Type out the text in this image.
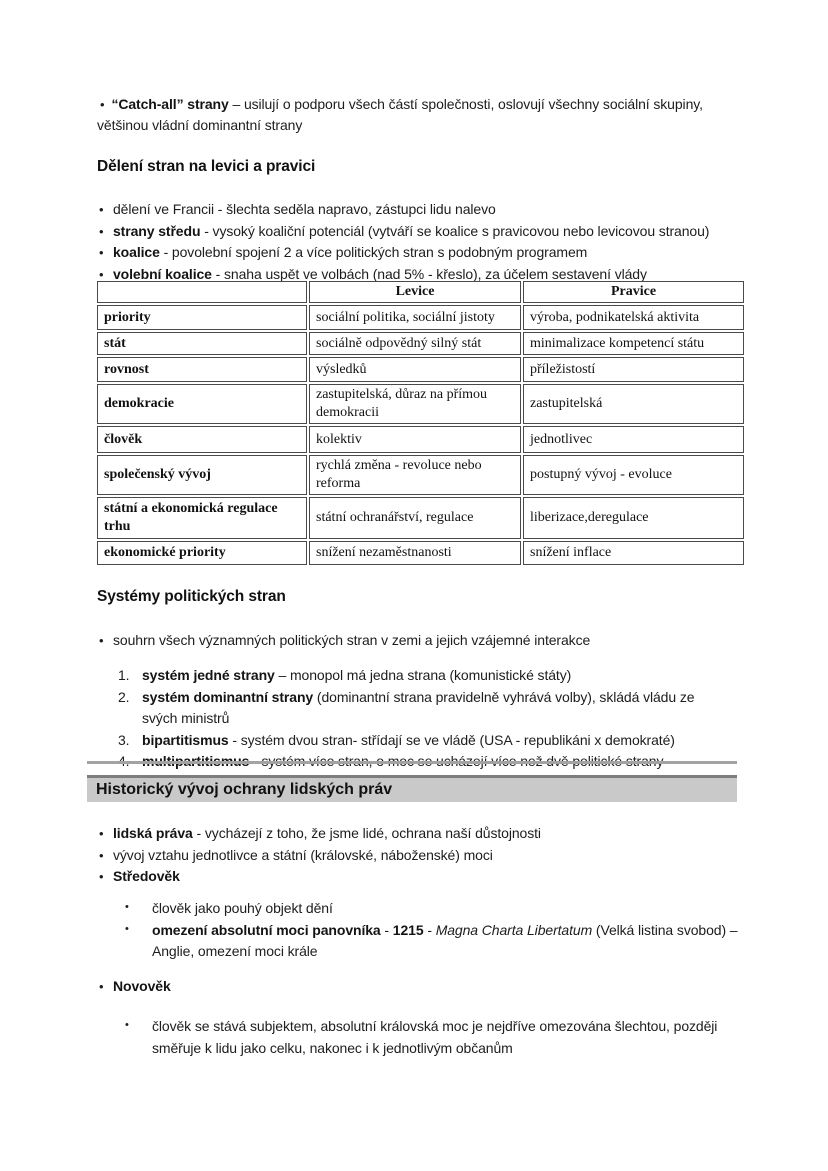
• “Catch-all” strany – usilují o podporu všech částí společnosti, oslovují všechny sociální skupiny, většinou vládní dominantní strany

Dělení stran na levici a pravici
• dělení ve Francii - šlechta seděla napravo, zástupci lidu nalevo
• strany středu - vysoký koaliční potenciál (vytváří se koalice s pravicovou nebo levicovou stranou)
• koalice - povolební spojení 2 a více politických stran s podobným programem
• volební koalice - snaha uspět ve volbách (nad 5% - křeslo), za účelem sestavení vlády
	Levice	Pravice
priority	sociální politika, sociální jistoty	výroba, podnikatelská aktivita
stát	sociálně odpovědný silný stát	minimalizace kompetencí státu
rovnost	výsledků	příležistostí
demokracie	zastupitelská, důraz na přímou demokracii	zastupitelská
člověk	kolektiv	jednotlivec
společenský vývoj	rychlá změna - revoluce nebo reforma	postupný vývoj - evoluce
státní a ekonomická regulace trhu	státní ochranářství, regulace	liberizace,deregulace
ekonomické priority	snížení nezaměstnanosti	snížení inflace
Systémy politických stran
• souhrn všech významných politických stran v zemi a jejich vzájemné interakce
1. systém jedné strany – monopol má jedna strana (komunistické státy)
2. systém dominantní strany (dominantní strana pravidelně vyhrává volby), skládá vládu ze svých ministrů
3. bipartitismus - systém dvou stran- střídají se ve vládě (USA - republikáni x demokraté)
Historický vývoj ochrany lidských práv
• lidská práva - vycházejí z toho, že jsme lidé, ochrana naší důstojnosti
• vývoj vztahu jednotlivce a státní (královské, náboženské) moci
• Středověk
• člověk jako pouhý objekt dění
• omezení absolutní moci panovníka - 1215 - Magna Charta Libertatum (Velká listina svobod) – Anglie, omezení moci krále
• Novověk
• člověk se stává subjektem, absolutní královská moc je nejdříve omezována šlechtou, později směřuje k lidu jako celku, nakonec i k jednotlivým občanům
